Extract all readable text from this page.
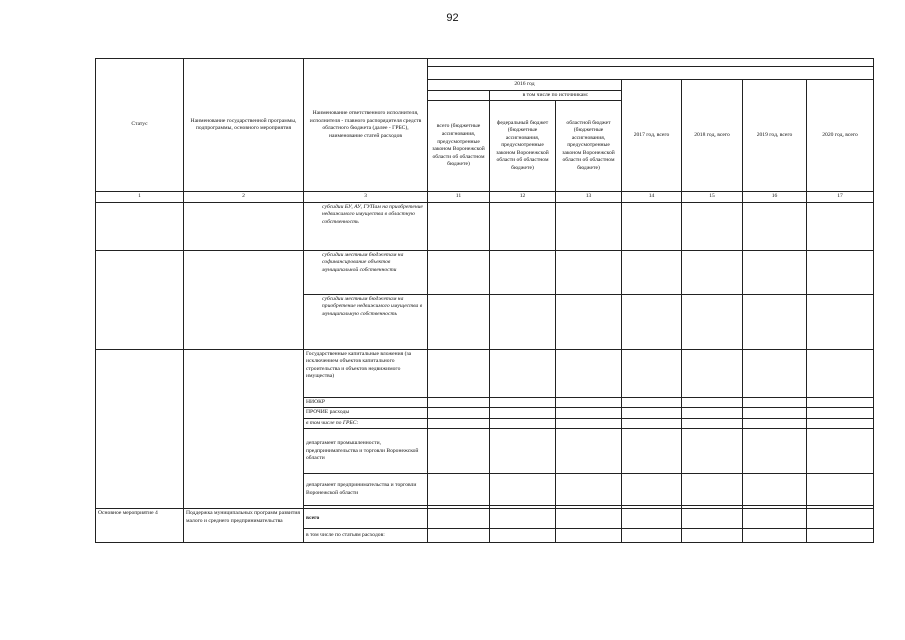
92
Статус	Наименование государственной программы, подпрограммы, основного мероприятия	Наименование ответственного исполнителя, исполнителя - главного распорядителя средств областного бюджета (далее - ГРБС), наименование статей расходов							

			2016 год			2017 год, всего	2018 год, всего	2019 год, всего	2020 год, всего
				в том числе по источникам:					
			всего (бюджетные ассигнования, предусмотренные законом Воронежской области об областном бюджете)	федеральный бюджет (бюджетные ассигнования, предусмотренные законом Воронежской области об областном бюджете)	областной бюджет (бюджетные ассигнования, предусмотренные законом Воронежской области об областном бюджете)				
1	2	3	11	12	13	14	15	16	17
		субсидии БУ, АУ, ГУПам на приобретение недвижимого имущества в областную собственность							
		субсидии местным бюджетам на софинансирование объектов муниципальной собственности							
		субсидии местным бюджетам на приобретение недвижимого имущества в муниципальную собственность							
		Государственные капитальные вложения (за исключением объектов капитального строительства и объектов недвижимого имущества)							
		НИОКР							
		ПРОЧИЕ расходы							
		в том числе по ГРБС:							
		департамент промышленности, предпринимательства и торговли Воронежской области							
		департамент предпринимательства и торговли Воронежской области							

Основное мероприятие 4	Поддержка муниципальных программ развития малого и среднего предпринимательства	всего							
		в том числе по статьям расходов:							
